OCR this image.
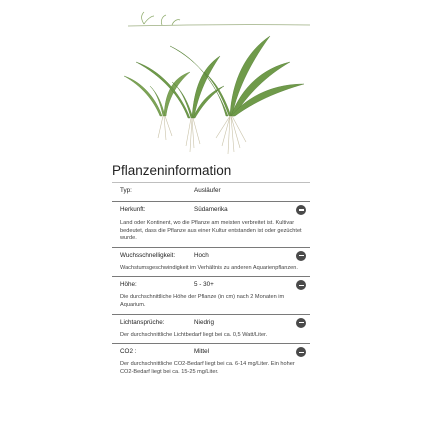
Pflanzeninformation
Typ:	Ausläufer
Herkunft:	Südamerika
Land oder Kontinent, wo die Pflanze am meisten verbreitet ist. Kultivar bedeutet, dass die Pflanze aus einer Kultur entstanden ist oder gezüchtet wurde.
Wuchsschnelligkeit:	Hoch
Wachstumsgeschwindigkeit im Verhältnis zu anderen Aquarienpflanzen.
Höhe:	5 - 30+
Die durchschnittliche Höhe der Pflanze (in cm) nach 2 Monaten im Aquarium.
Lichtansprüche:	Niedrig
Der durchschnittliche Lichtbedarf liegt bei ca. 0,5 Watt/Liter.
CO2 :	Mittel
Der durchschnittliche CO2-Bedarf liegt bei ca. 6-14 mg/Liter. Ein hoher CO2-Bedarf liegt bei ca. 15-25 mg/Liter.
